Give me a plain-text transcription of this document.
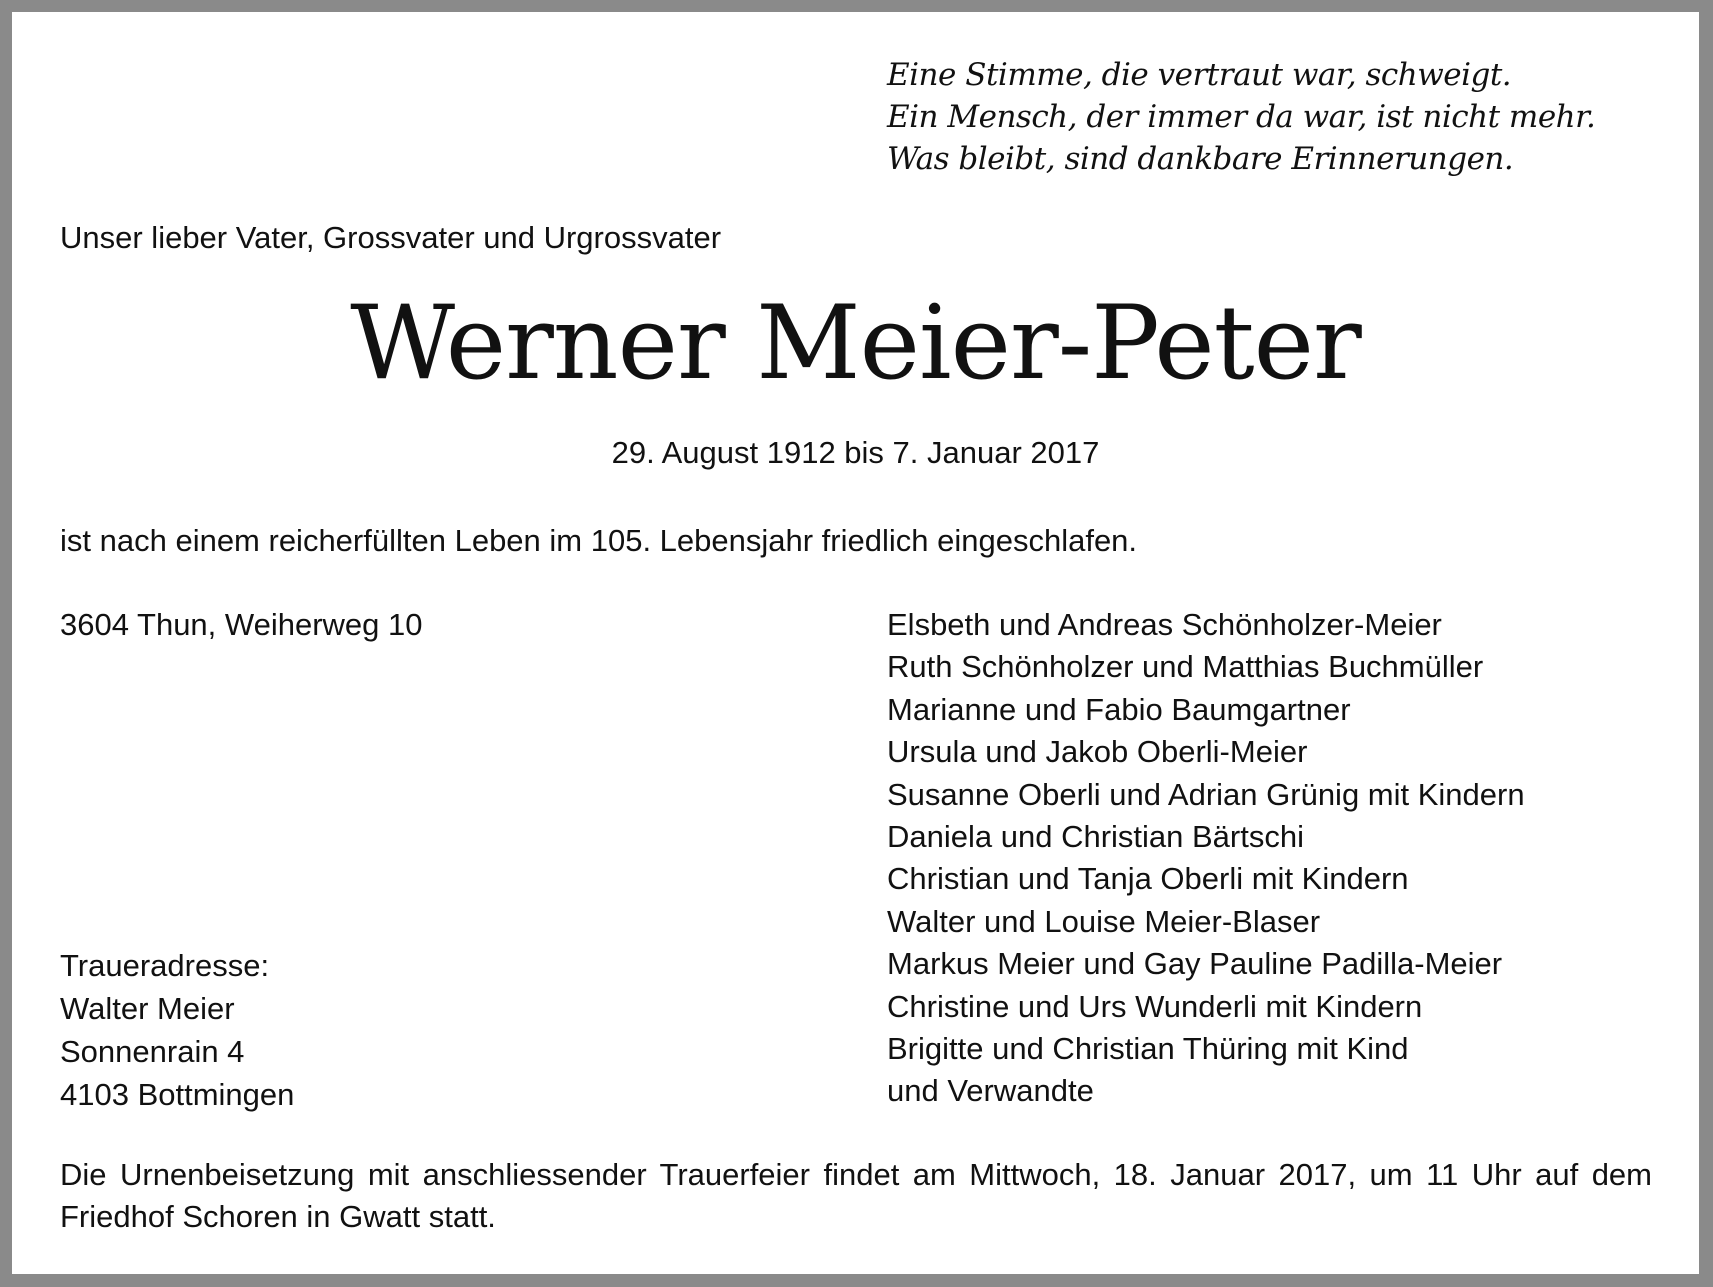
Eine Stimme, die vertraut war, schweigt.
Ein Mensch, der immer da war, ist nicht mehr.
Was bleibt, sind dankbare Erinnerungen.
Unser lieber Vater, Grossvater und Urgrossvater
Werner Meier-Peter
29. August 1912 bis 7. Januar 2017
ist nach einem reicherfüllten Leben im 105. Lebensjahr friedlich eingeschlafen.
3604 Thun, Weiherweg 10
Traueradresse:
Walter Meier
Sonnenrain 4
4103 Bottmingen
Elsbeth und Andreas Schönholzer-Meier
Ruth Schönholzer und Matthias Buchmüller
Marianne und Fabio Baumgartner
Ursula und Jakob Oberli-Meier
Susanne Oberli und Adrian Grünig mit Kindern
Daniela und Christian Bärtschi
Christian und Tanja Oberli mit Kindern
Walter und Louise Meier-Blaser
Markus Meier und Gay Pauline Padilla-Meier
Christine und Urs Wunderli mit Kindern
Brigitte und Christian Thüring mit Kind
und Verwandte
Die Urnenbeisetzung mit anschliessender Trauerfeier findet am Mittwoch, 18. Januar 2017, um 11 Uhr auf dem Friedhof Schoren in Gwatt statt.
